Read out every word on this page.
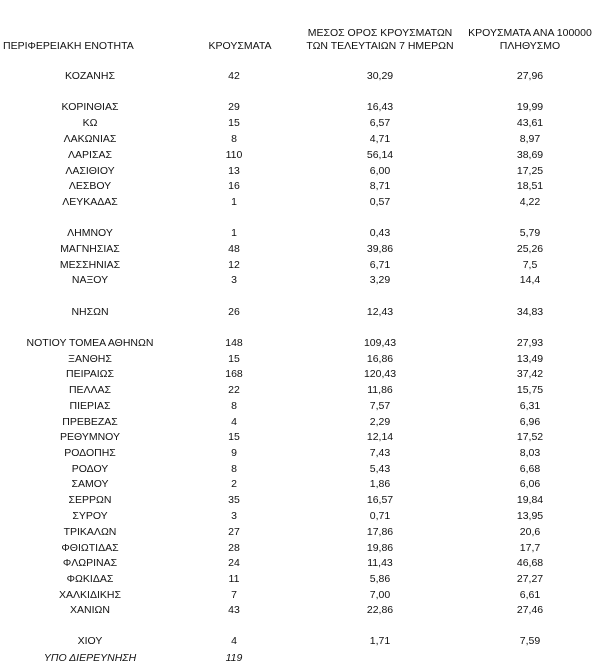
ΠΕΡΙΦΕΡΕΙΑΚΗ ΕΝΟΤΗΤΑ	ΚΡΟΥΣΜΑΤΑ
ΜΕΣΟΣ ΟΡΟΣ ΚΡΟΥΣΜΑΤΩΝ
ΤΩΝ ΤΕΛΕΥΤΑΙΩΝ 7 ΗΜΕΡΩΝ
ΚΡΟΥΣΜΑΤΑ ΑΝΑ 100000
ΠΛΗΘΥΣΜΟ
ΚΟΖΑΝΗΣ	42	30,29	27,96
ΚΟΡΙΝΘΙΑΣ	29	16,43	19,99
ΚΩ	15	6,57	43,61
ΛΑΚΩΝΙΑΣ	8	4,71	8,97
ΛΑΡΙΣΑΣ	110	56,14	38,69
ΛΑΣΙΘΙΟΥ	13	6,00	17,25
ΛΕΣΒΟΥ	16	8,71	18,51
ΛΕΥΚΑΔΑΣ	1	0,57	4,22
ΛΗΜΝΟΥ	1	0,43	5,79
ΜΑΓΝΗΣΙΑΣ	48	39,86	25,26
ΜΕΣΣΗΝΙΑΣ	12	6,71	7,5
ΝΑΞΟΥ	3	3,29	14,4
ΝΗΣΩΝ	26	12,43	34,83
ΝΟΤΙΟΥ ΤΟΜΕΑ ΑΘΗΝΩΝ	148	109,43	27,93
ΞΑΝΘΗΣ	15	16,86	13,49
ΠΕΙΡΑΙΩΣ	168	120,43	37,42
ΠΕΛΛΑΣ	22	11,86	15,75
ΠΙΕΡΙΑΣ	8	7,57	6,31
ΠΡΕΒΕΖΑΣ	4	2,29	6,96
ΡΕΘΥΜΝΟΥ	15	12,14	17,52
ΡΟΔΟΠΗΣ	9	7,43	8,03
ΡΟΔΟΥ	8	5,43	6,68
ΣΑΜΟΥ	2	1,86	6,06
ΣΕΡΡΩΝ	35	16,57	19,84
ΣΥΡΟΥ	3	0,71	13,95
ΤΡΙΚΑΛΩΝ	27	17,86	20,6
ΦΘΙΩΤΙΔΑΣ	28	19,86	17,7
ΦΛΩΡΙΝΑΣ	24	11,43	46,68
ΦΩΚΙΔΑΣ	11	5,86	27,27
ΧΑΛΚΙΔΙΚΗΣ	7	7,00	6,61
ΧΑΝΙΩΝ	43	22,86	27,46
ΧΙΟΥ	4	1,71	7,59
ΥΠΟ ΔΙΕΡΕΥΝΗΣΗ	119
